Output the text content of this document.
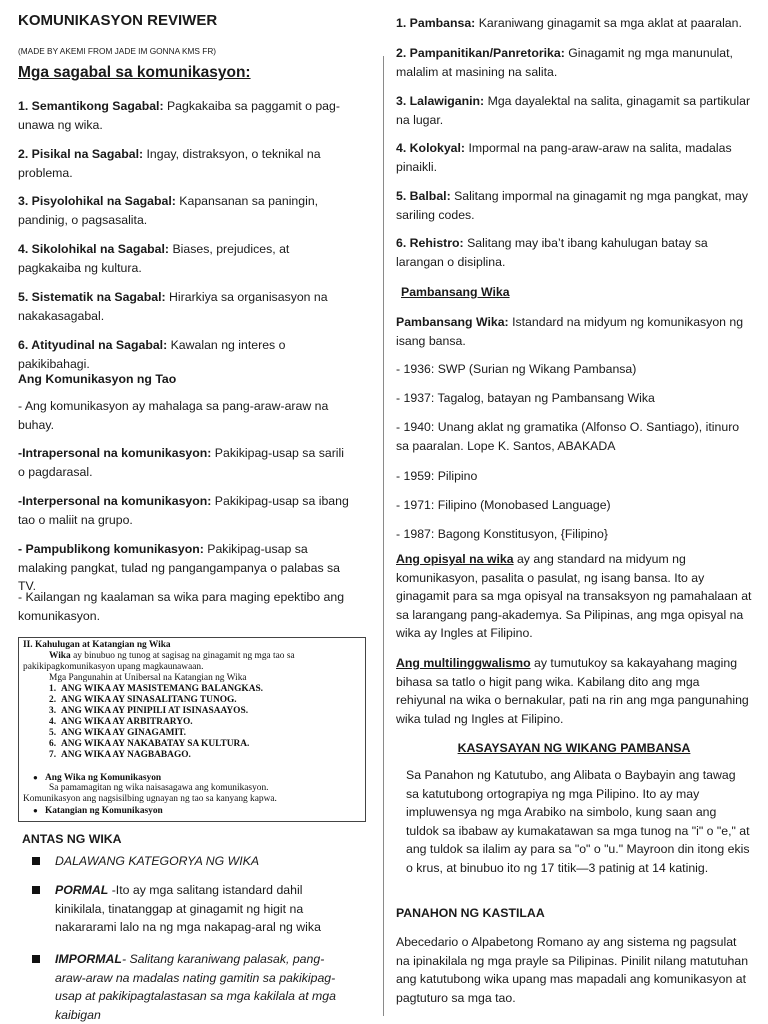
KOMUNIKASYON REVIWER
(MADE BY AKEMI FROM JADE IM GONNA KMS FR)
Mga sagabal sa komunikasyon:
1. Semantikong Sagabal: Pagkakaiba sa paggamit o pag-unawa ng wika.
2. Pisikal na Sagabal: Ingay, distraksyon, o teknikal na problema.
3. Pisyolohikal na Sagabal: Kapansanan sa paningin, pandinig, o pagsasalita.
4. Sikolohikal na Sagabal: Biases, prejudices, at pagkakaiba ng kultura.
5. Sistematik na Sagabal: Hirarkiya sa organisasyon na nakakasagabal.
6. Atityudinal na Sagabal: Kawalan ng interes o pakikibahagi.
Ang Komunikasyon ng Tao
- Ang komunikasyon ay mahalaga sa pang-araw-araw na buhay.
-Intrapersonal na komunikasyon: Pakikipag-usap sa sarili o pagdarasal.
-Interpersonal na komunikasyon: Pakikipag-usap sa ibang tao o maliit na grupo.
- Pampublikong komunikasyon: Pakikipag-usap sa malaking pangkat, tulad ng pangangampanya o palabas sa TV.
- Kailangan ng kaalaman sa wika para maging epektibo ang komunikasyon.
II. Kahulugan at Katangian ng Wika
Wika ay binubuo ng tunog at sagisag na ginagamit ng mga tao sa
pakikipagkomunikasyon upang magkaunawaan.
Mga Pangunahin at Unibersal na Katangian ng Wika
1. ANG WIKA AY MASISTEMANG BALANGKAS.
2. ANG WIKA AY SINASALITANG TUNOG.
3. ANG WIKA AY PINIPILI AT ISINASAAYOS.
4. ANG WIKA AY ARBITRARYO.
5. ANG WIKA AY GINAGAMIT.
6. ANG WIKA AY NAKABATAY SA KULTURA.
7. ANG WIKA AY NAGBABAGO.
● Ang Wika ng Komunikasyon
Sa pamamagitan ng wika naisasagawa ang komunikasyon.
Komunikasyon ang nagsisilbing ugnayan ng tao sa kanyang kapwa.
● Katangian ng Komunikasyon
ANTAS NG WIKA
DALAWANG KATEGORYA NG WIKA
PORMAL -Ito ay mga salitang istandard dahil kinikilala, tinatanggap at ginagamit ng higit na nakararami lalo na ng mga nakapag-aral ng wika
IMPORMAL- Salitang karaniwang palasak, pang-araw-araw na madalas nating gamitin sa pakikipag-usap at pakikipagtalastasan sa mga kakilala at mga kaibigan
1. Pambansa: Karaniwang ginagamit sa mga aklat at paaralan.
2. Pampanitikan/Panretorika: Ginagamit ng mga manunulat, malalim at masining na salita.
3. Lalawiganin: Mga dayalektal na salita, ginagamit sa partikular na lugar.
4. Kolokyal: Impormal na pang-araw-araw na salita, madalas pinaikli.
5. Balbal: Salitang impormal na ginagamit ng mga pangkat, may sariling codes.
6. Rehistro: Salitang may iba’t ibang kahulugan batay sa larangan o disiplina.
Pambansang Wika
Pambansang Wika: Istandard na midyum ng komunikasyon ng isang bansa.
- 1936: SWP (Surian ng Wikang Pambansa)
- 1937: Tagalog, batayan ng Pambansang Wika
- 1940: Unang aklat ng gramatika (Alfonso O. Santiago), itinuro sa paaralan. Lope K. Santos, ABAKADA
- 1959: Pilipino
- 1971: Filipino (Monobased Language)
- 1987: Bagong Konstitusyon, {Filipino}
Ang opisyal na wika ay ang standard na midyum ng komunikasyon, pasalita o pasulat, ng isang bansa. Ito ay ginagamit para sa mga opisyal na transaksyon ng pamahalaan at sa larangang pang-akademya. Sa Pilipinas, ang mga opisyal na wika ay Ingles at Filipino.
Ang multilinggwalismo ay tumutukoy sa kakayahang maging bihasa sa tatlo o higit pang wika. Kabilang dito ang mga rehiyunal na wika o bernakular, pati na rin ang mga pangunahing wika tulad ng Ingles at Filipino.
KASAYSAYAN NG WIKANG PAMBANSA
Sa Panahon ng Katutubo, ang Alibata o Baybayin ang tawag sa katutubong ortograpiya ng mga Pilipino. Ito ay may impluwensya ng mga Arabiko na simbolo, kung saan ang tuldok sa ibabaw ay kumakatawan sa mga tunog na "i" o "e," at ang tuldok sa ilalim ay para sa "o" o "u." Mayroon din itong ekis o krus, at binubuo ito ng 17 titik—3 patinig at 14 katinig.
PANAHON NG KASTILAA
Abecedario o Alpabetong Romano ay ang sistema ng pagsulat na ipinakilala ng mga prayle sa Pilipinas. Pinilit nilang matutuhan ang katutubong wika upang mas mapadali ang komunikasyon at pagtuturo sa mga tao.
